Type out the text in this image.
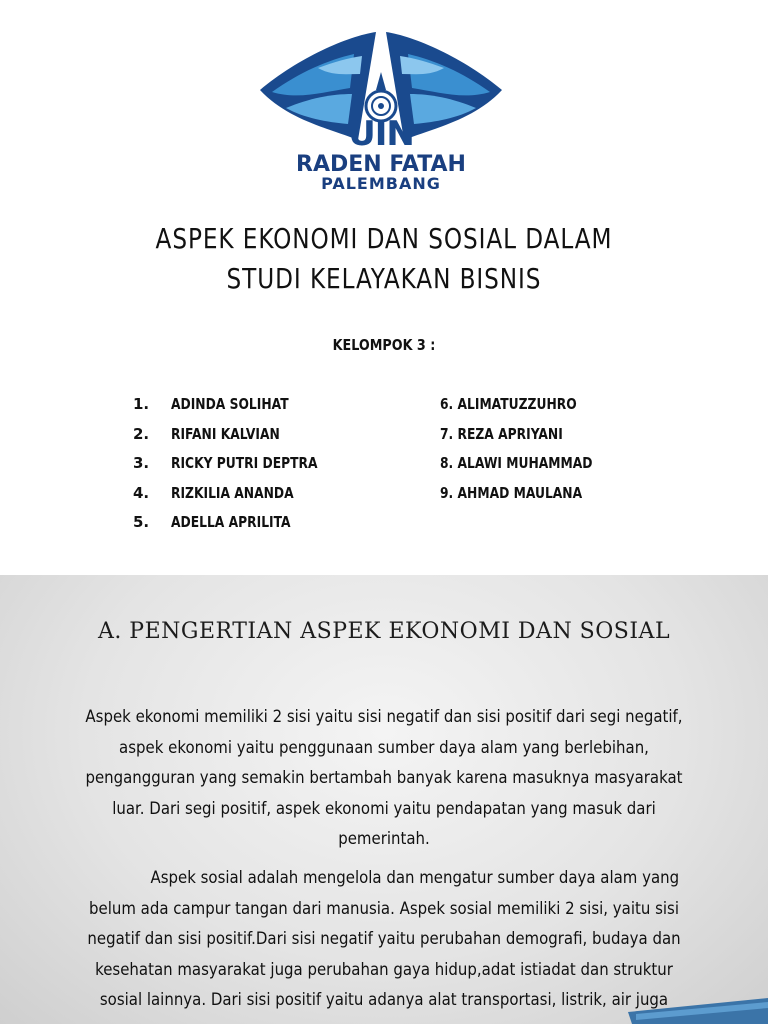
UIN
RADEN FATAH
PALEMBANG
ASPEK EKONOMI DAN SOSIAL DALAM
STUDI KELAYAKAN BISNIS
KELOMPOK 3 :
1. ADINDA SOLIHAT
2. RIFANI KALVIAN
3. RICKY PUTRI DEPTRA
4. RIZKILIA ANANDA
5. ADELLA APRILITA
6. ALIMATUZZUHRO
7. REZA APRIYANI
8. ALAWI MUHAMMAD
9. AHMAD MAULANA
A. PENGERTIAN ASPEK EKONOMI DAN SOSIAL
Aspek ekonomi memiliki 2 sisi yaitu sisi negatif dan sisi positif dari segi negatif,
aspek ekonomi yaitu penggunaan sumber daya alam yang berlebihan,
pengangguran yang semakin bertambah banyak karena masuknya masyarakat
luar. Dari segi positif, aspek ekonomi yaitu pendapatan yang masuk dari
pemerintah.
Aspek sosial adalah mengelola dan mengatur sumber daya alam yang
belum ada campur tangan dari manusia. Aspek sosial memiliki 2 sisi, yaitu sisi
negatif dan sisi positif.Dari sisi negatif yaitu perubahan demografi, budaya dan
kesehatan masyarakat juga perubahan gaya hidup,adat istiadat dan struktur
sosial lainnya. Dari sisi positif yaitu adanya alat transportasi, listrik, air juga
